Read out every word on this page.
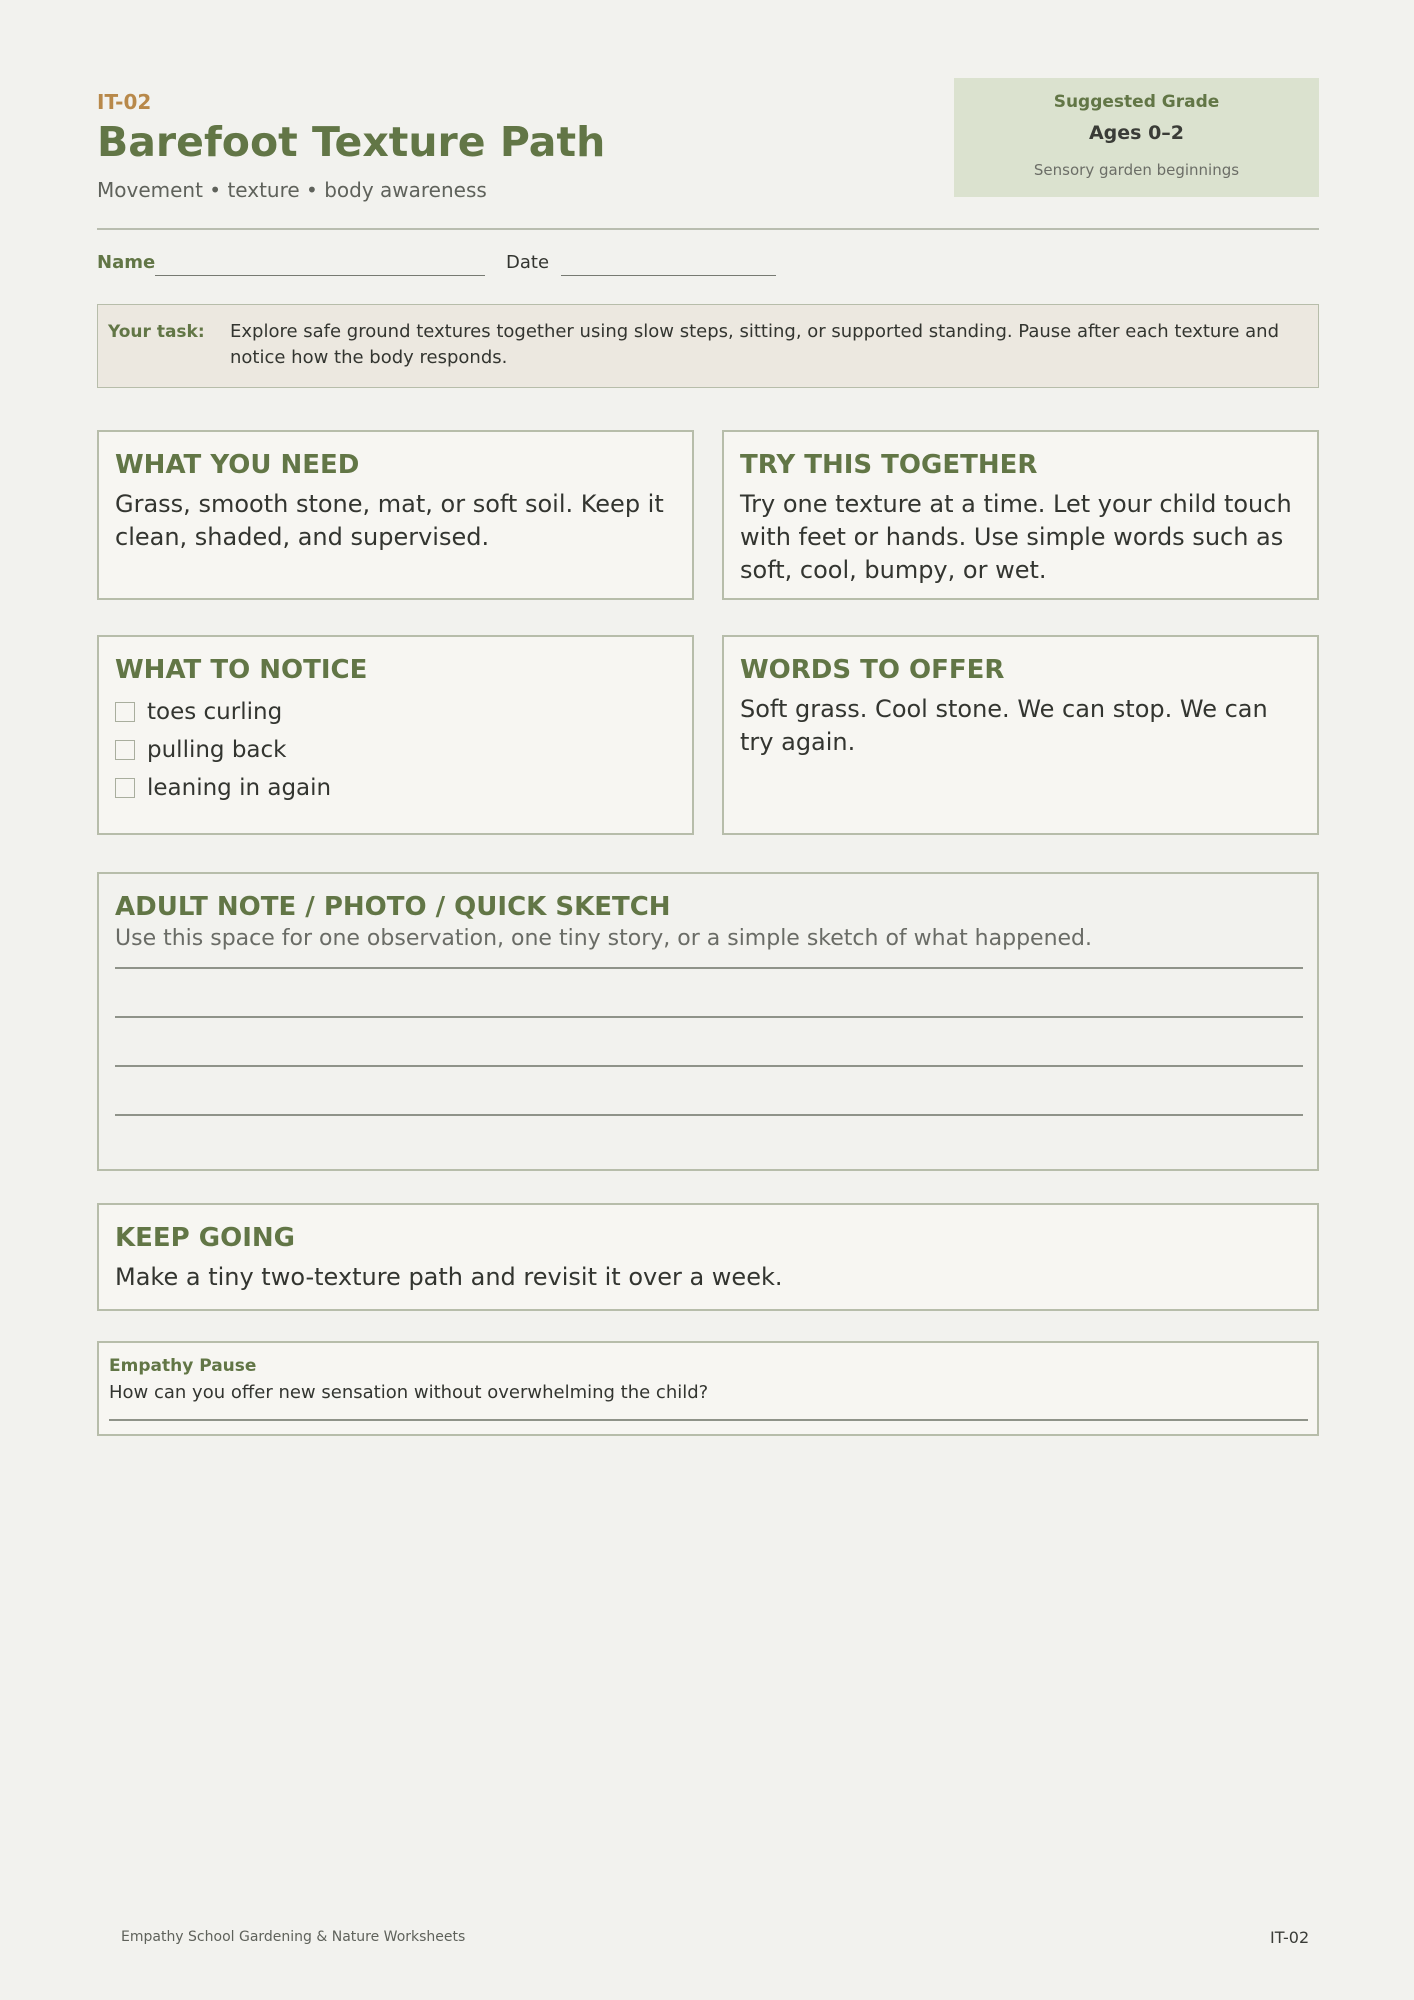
IT-02
Barefoot Texture Path
Movement • texture • body awareness
Suggested Grade
Ages 0–2
Sensory garden beginnings
Name	Date
Your task: Explore safe ground textures together using slow steps, sitting, or supported standing. Pause after each texture and notice how the body responds.
WHAT YOU NEED
Grass, smooth stone, mat, or soft soil. Keep it clean, shaded, and supervised.
TRY THIS TOGETHER
Try one texture at a time. Let your child touch with feet or hands. Use simple words such as soft, cool, bumpy, or wet.
WHAT TO NOTICE
toes curling
pulling back
leaning in again
WORDS TO OFFER
Soft grass. Cool stone. We can stop. We can try again.
ADULT NOTE / PHOTO / QUICK SKETCH
Use this space for one observation, one tiny story, or a simple sketch of what happened.
KEEP GOING
Make a tiny two-texture path and revisit it over a week.
Empathy Pause
How can you offer new sensation without overwhelming the child?
Empathy School Gardening & Nature Worksheets	IT-02
